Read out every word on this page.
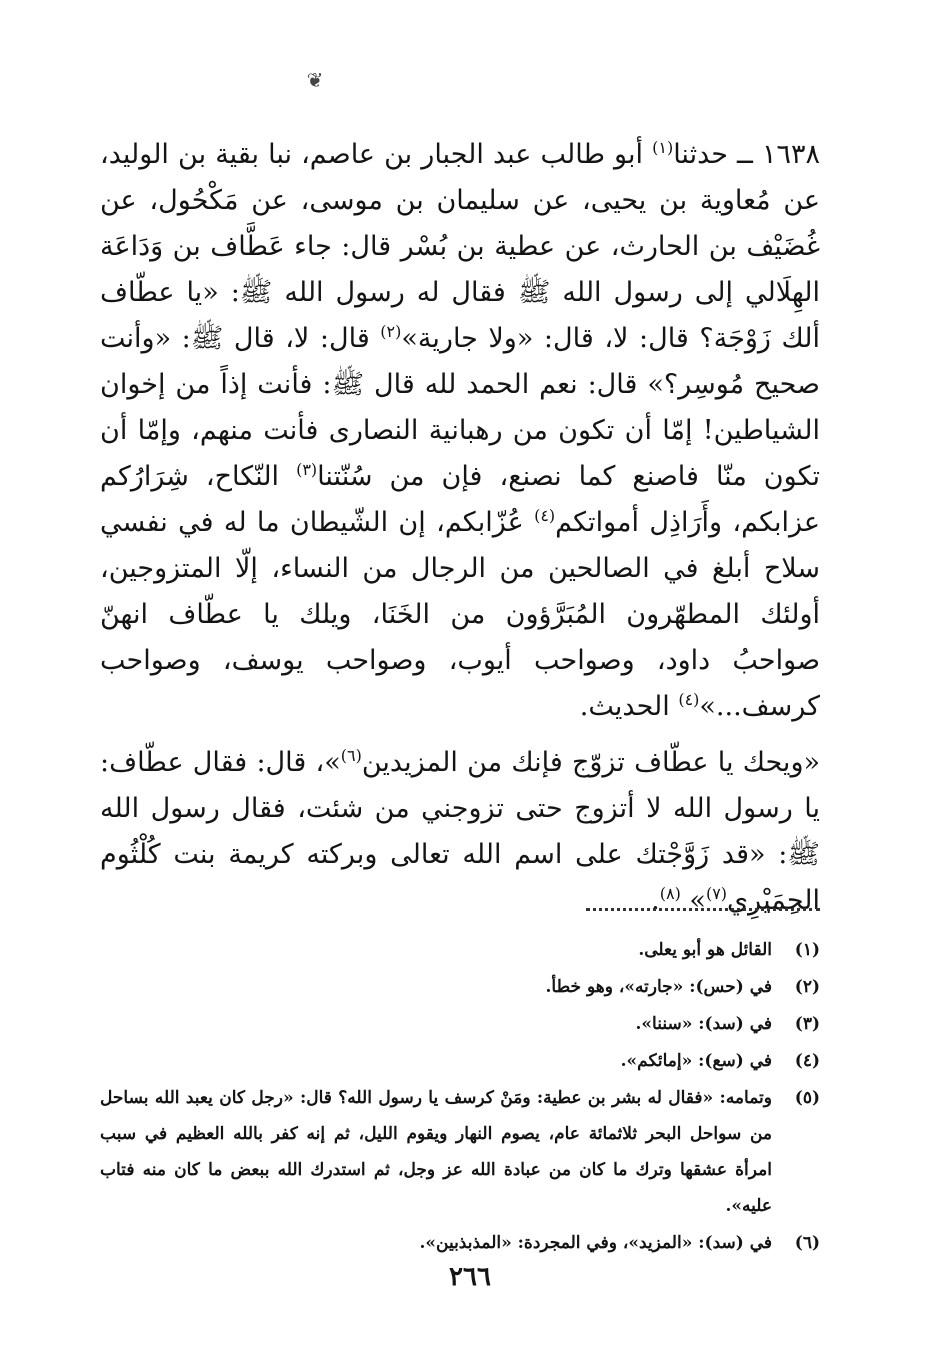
❦

١٦٣٨ ــ حدثنا$^{(١)}$ أبو طالب عبد الجبار بن عاصم، نبا بقية بن الوليد، عن مُعاوية بن يحيى، عن سليمان بن موسى، عن مَكْحُول، عن غُضَيْف بن الحارث، عن عطية بن بُسْر قال: جاء عَطَّاف بن وَدَاعَة الهِلَالي إلى رسول الله ﷺ فقال له رسول الله ﷺ: «يا عطّاف ألك زَوْجَة؟ قال: لا، قال: «ولا جارية»$^{(٢)}$ قال: لا، قال ﷺ: «وأنت صحيح مُوسِر؟» قال: نعم الحمد لله قال ﷺ: فأنت إذاً من إخوان الشياطين! إمّا أن تكون من رهبانية النصارى فأنت منهم، وإمّا أن تكون منّا فاصنع كما نصنع، فإن من سُنّتنا$^{(٣)}$ النّكاح، شِرَارُكم عزابكم، وأَرَاذِل أمواتكم$^{(٤)}$ عُزّابكم، إن الشّيطان ما له في نفسي سلاح أبلغ في الصالحين من الرجال من النساء، إلّا المتزوجين، أولئك المطهّرون المُبَرَّؤون من الخَنَا، ويلك يا عطّاف انهنّ صواحبُ داود، وصواحب أيوب، وصواحب يوسف، وصواحب كرسف...»$^{(٤)}$ الحديث.

«ويحك يا عطّاف تزوّج فإنك من المزيدين$^{(٦)}$»، قال: فقال عطّاف: يا رسول الله لا أتزوج حتى تزوجني من شئت، فقال رسول الله ﷺ: «قد زَوَّجْتك على اسم الله تعالى وبركته كريمة بنت كُلْثُوم الحِمَيْرِي$^{(٧)}$» $^{(٨)}$.

(١)
القائل هو أبو يعلى.
(٢)
في (حس): «جارته»، وهو خطأ.
(٣)
في (سد): «سننا».
(٤)
في (سع): «إمائكم».
(٥)
وتمامه: «فقال له بشر بن عطية: ومَنْ كرسف يا رسول الله؟ قال: «رجل كان يعبد الله بساحل من سواحل البحر ثلاثمائة عام، يصوم النهار ويقوم الليل، ثم إنه كفر بالله العظيم في سبب امرأة عشقها وترك ما كان من عبادة الله عز وجل، ثم استدرك الله ببعض ما كان منه فتاب عليه».
(٦)
في (سد): «المزيد»، وفي المجردة: «المذبذبين».
٢٦٦
